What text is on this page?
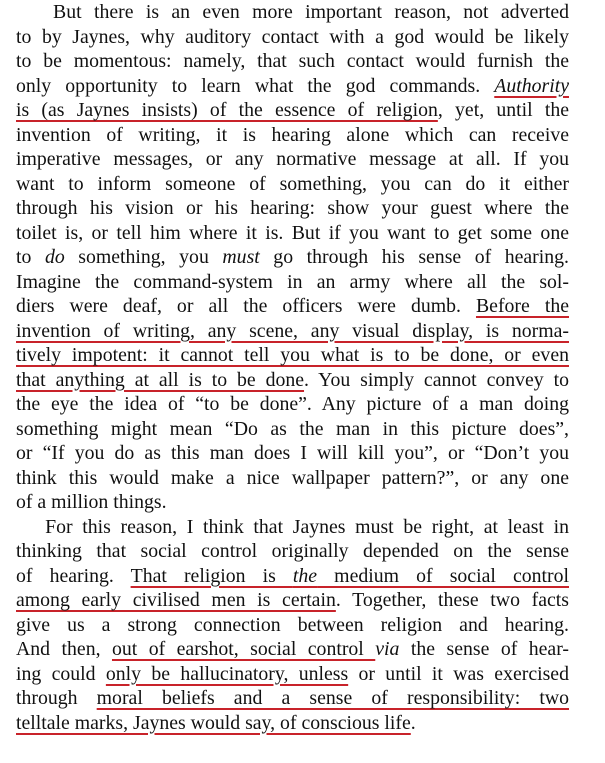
But there is an even more important reason, not adverted
to by Jaynes, why auditory contact with a god would be likely
to be momentous: namely, that such contact would furnish the
only opportunity to learn what the god commands. Authority
is (as Jaynes insists) of the essence of religion, yet, until the
invention of writing, it is hearing alone which can receive
imperative messages, or any normative message at all. If you
want to inform someone of something, you can do it either
through his vision or his hearing: show your guest where the
toilet is, or tell him where it is. But if you want to get some one
to do something, you must go through his sense of hearing.
Imagine the command-system in an army where all the sol-
diers were deaf, or all the officers were dumb. Before the
invention of writing, any scene, any visual display, is norma-
tively impotent: it cannot tell you what is to be done, or even
that anything at all is to be done. You simply cannot convey to
the eye the idea of “to be done”. Any picture of a man doing
something might mean “Do as the man in this picture does”,
or “If you do as this man does I will kill you”, or “Don’t you
think this would make a nice wallpaper pattern?”, or any one
of a million things.
For this reason, I think that Jaynes must be right, at least in
thinking that social control originally depended on the sense
of hearing. That religion is the medium of social control
among early civilised men is certain. Together, these two facts
give us a strong connection between religion and hearing.
And then, out of earshot, social control via the sense of hear-
ing could only be hallucinatory, unless or until it was exercised
through moral beliefs and a sense of responsibility: two
telltale marks, Jaynes would say, of conscious life.
